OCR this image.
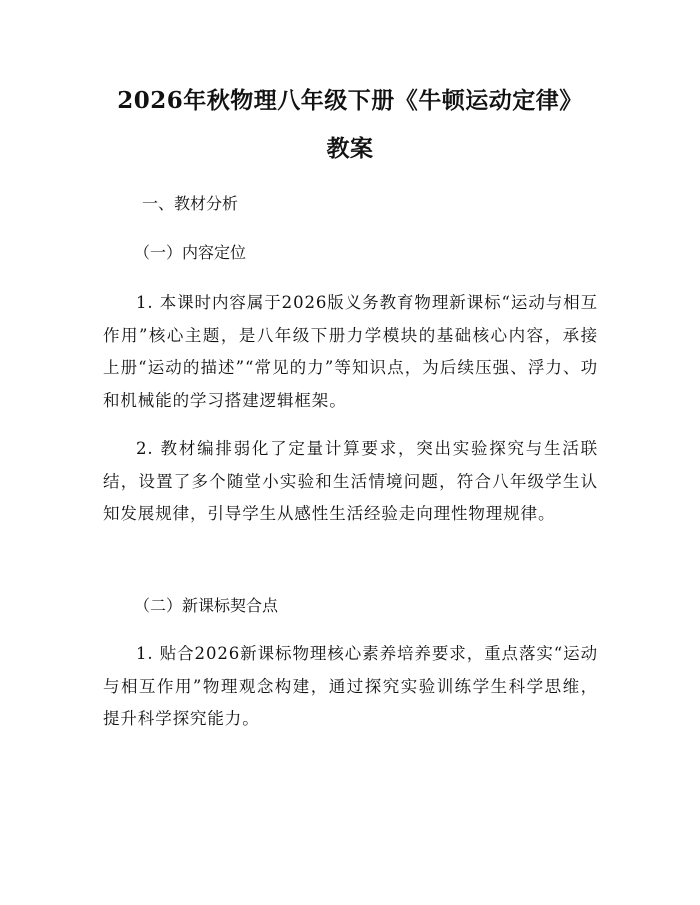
2026年秋物理八年级下册《牛顿运动定律》
教案
一、教材分析
（一）内容定位
1. 本课时内容属于2026版义务教育物理新课标“运动与相互作用”核心主题，是八年级下册力学模块的基础核心内容，承接上册“运动的描述”“常见的力”等知识点，为后续压强、浮力、功和机械能的学习搭建逻辑框架。
2. 教材编排弱化了定量计算要求，突出实验探究与生活联结，设置了多个随堂小实验和生活情境问题，符合八年级学生认知发展规律，引导学生从感性生活经验走向理性物理规律。
（二）新课标契合点
1. 贴合2026新课标物理核心素养培养要求，重点落实“运动与相互作用”物理观念构建，通过探究实验训练学生科学思维，提升科学探究能力。
